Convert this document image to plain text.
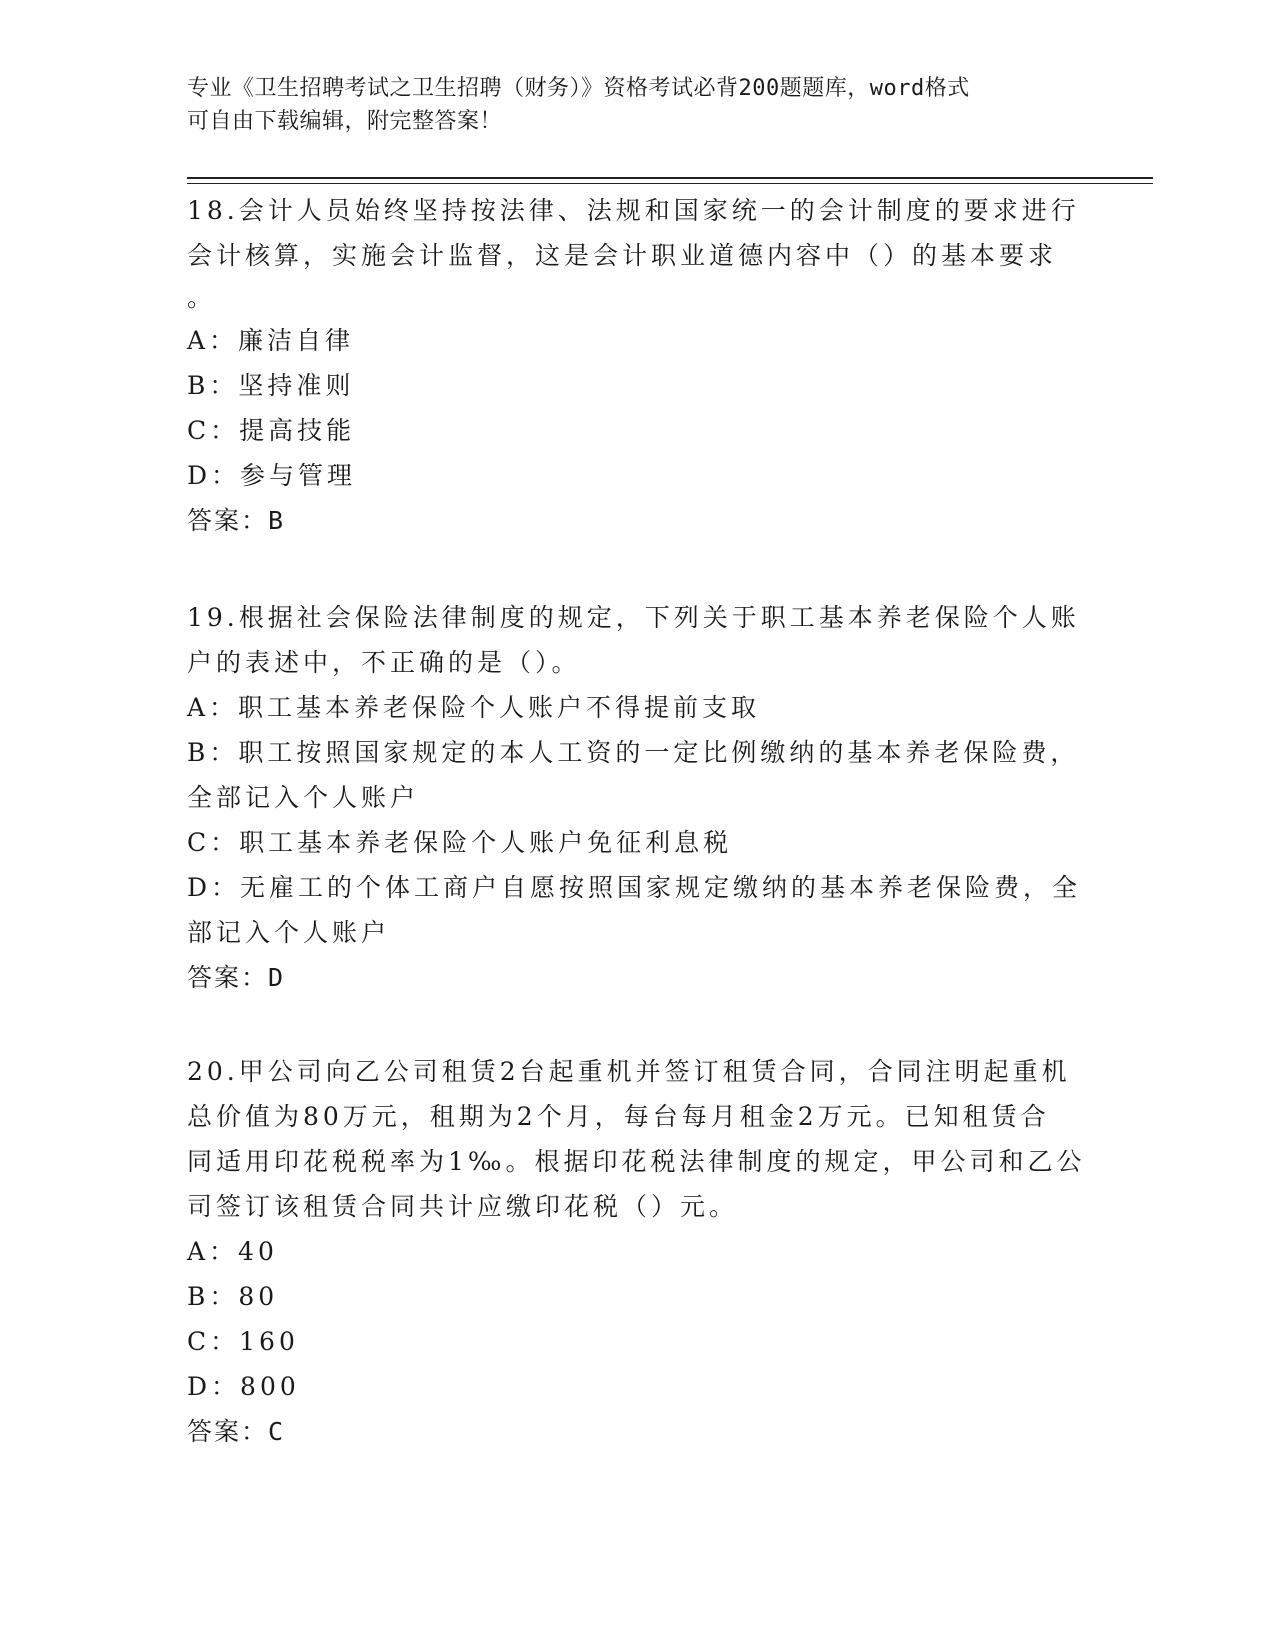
专业《卫生招聘考试之卫生招聘（财务）》资格考试必背200题题库，word格式
可自由下载编辑，附完整答案！
18.会计人员始终坚持按法律、法规和国家统一的会计制度的要求进行
会计核算，实施会计监督，这是会计职业道德内容中（）的基本要求
。
A：廉洁自律
B：坚持准则
C：提高技能
D：参与管理
答案：B
19.根据社会保险法律制度的规定，下列关于职工基本养老保险个人账
户的表述中，不正确的是（）。
A：职工基本养老保险个人账户不得提前支取
B：职工按照国家规定的本人工资的一定比例缴纳的基本养老保险费，
全部记入个人账户
C：职工基本养老保险个人账户免征利息税
D：无雇工的个体工商户自愿按照国家规定缴纳的基本养老保险费，全
部记入个人账户
答案：D
20.甲公司向乙公司租赁2台起重机并签订租赁合同，合同注明起重机
总价值为80万元，租期为2个月，每台每月租金2万元。已知租赁合
同适用印花税税率为1‰。根据印花税法律制度的规定，甲公司和乙公
司签订该租赁合同共计应缴印花税（）元。
A：40
B：80
C：160
D：800
答案：C
